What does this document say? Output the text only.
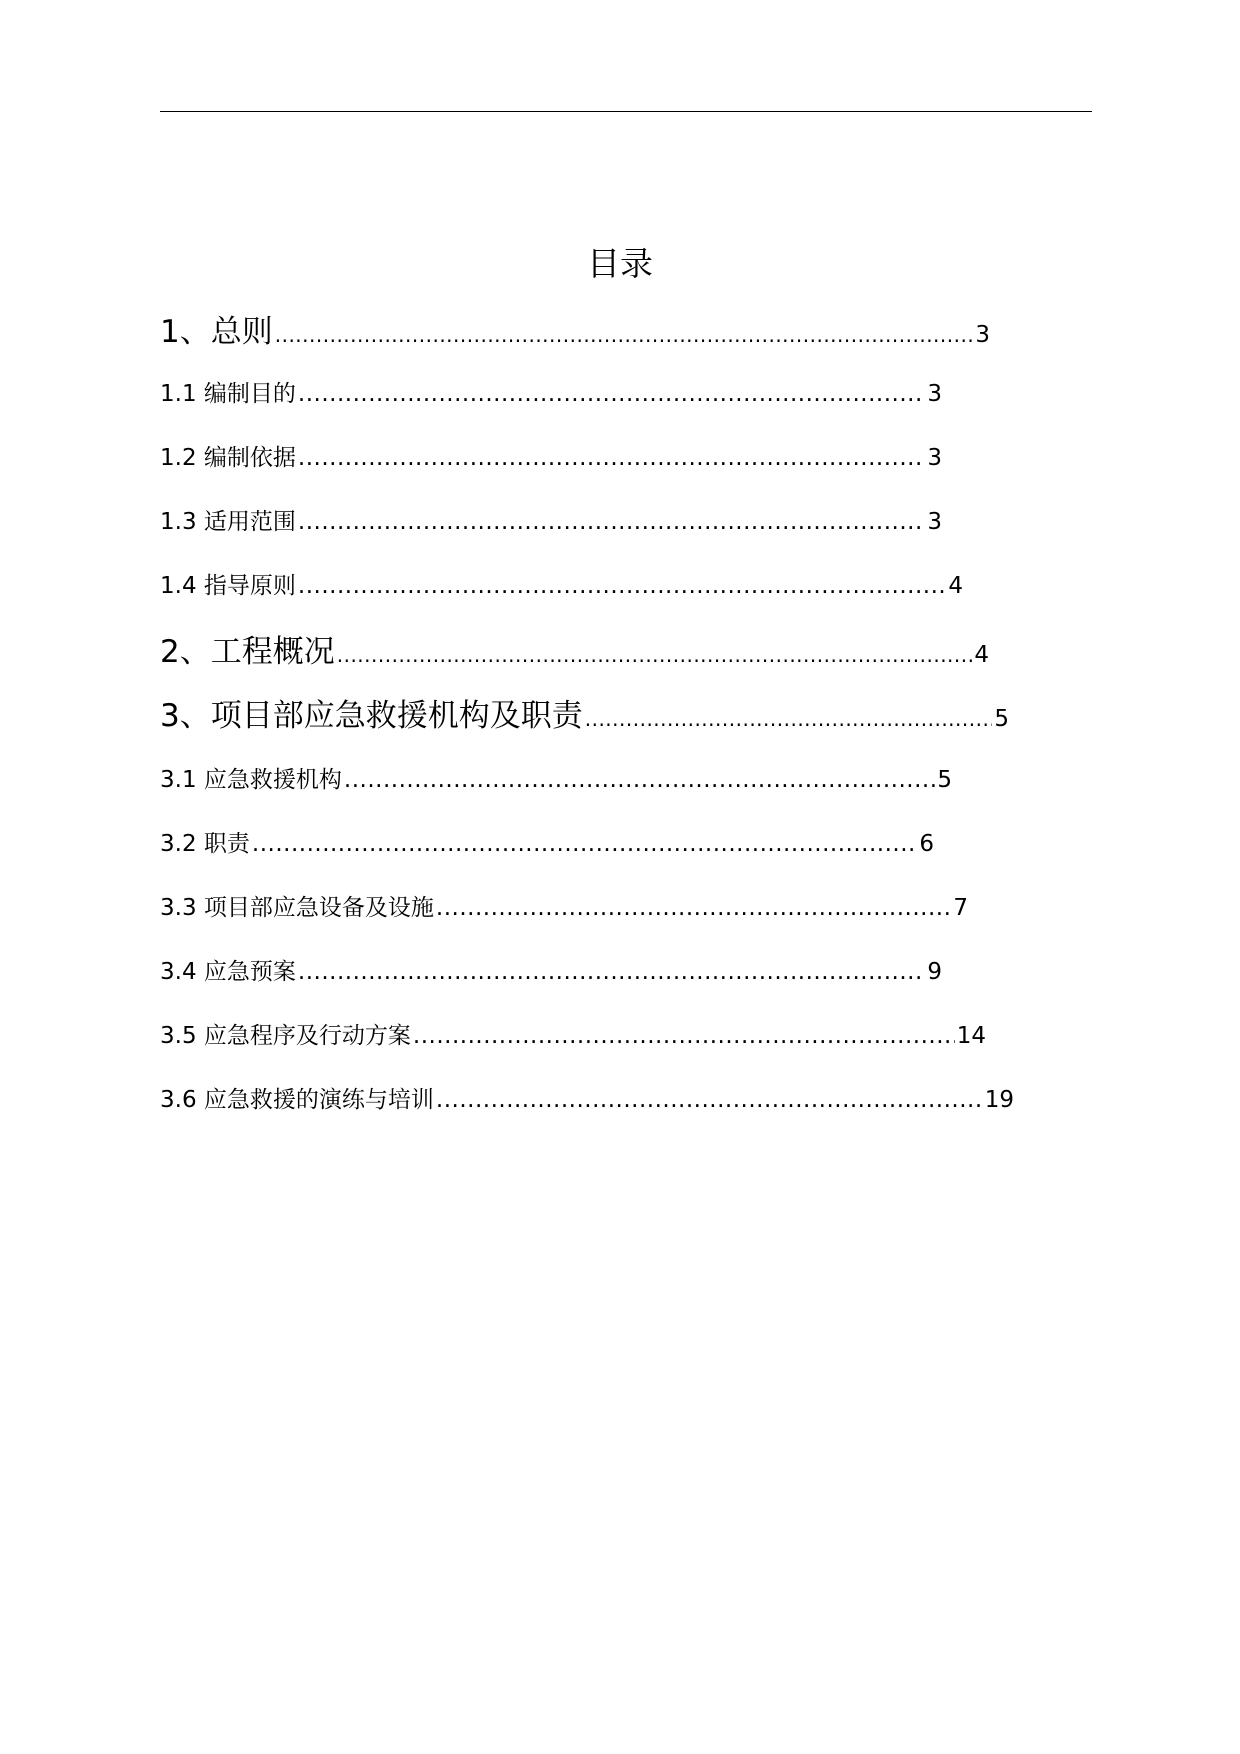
目录
1、总则 .....	3
1.1 编制目的 .....	3
1.2 编制依据 .....	3
1.3 适用范围 .....	3
1.4 指导原则 .....	4
2、工程概况 .....	4
3、项目部应急救援机构及职责 .....	5
3.1 应急救援机构 .....	5
3.2 职责 .....	6
3.3 项目部应急设备及设施 .....	7
3.4 应急预案 .....	9
3.5 应急程序及行动方案 .....	14
3.6 应急救援的演练与培训 .....	19
